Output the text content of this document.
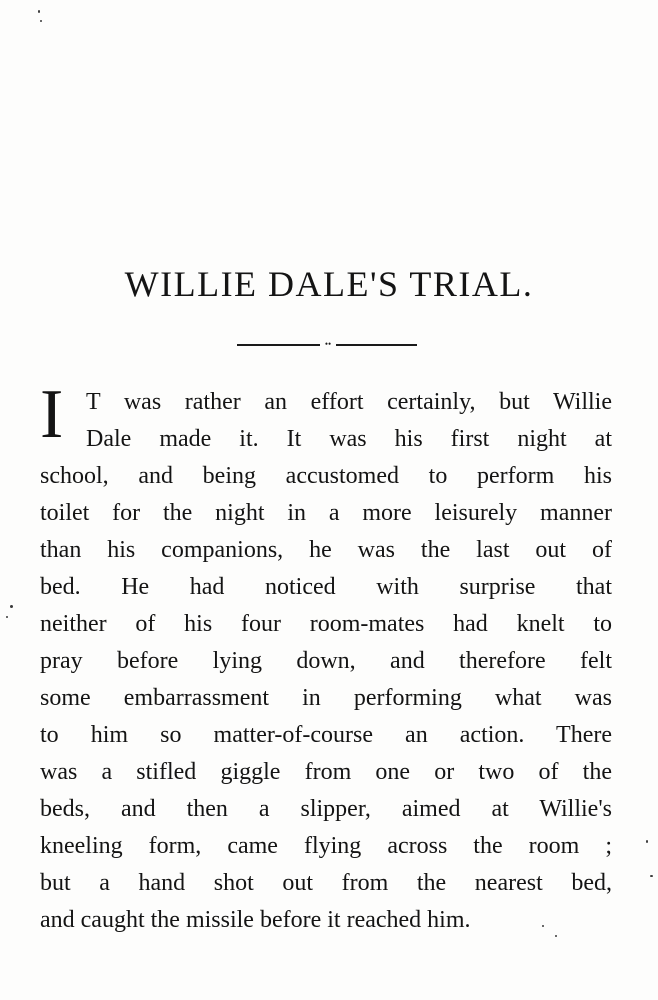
WILLIE DALE'S TRIAL.
••
I T was rather an effort certainly, but Willie
Dale made it. It was his first night at
school, and being accustomed to perform his
toilet for the night in a more leisurely manner
than his companions, he was the last out of
bed. He had noticed with surprise that
neither of his four room-mates had knelt to
pray before lying down, and therefore felt
some embarrassment in performing what was
to him so matter-of-course an action. There
was a stifled giggle from one or two of the
beds, and then a slipper, aimed at Willie's
kneeling form, came flying across the room ;
but a hand shot out from the nearest bed,
and caught the missile before it reached him.
